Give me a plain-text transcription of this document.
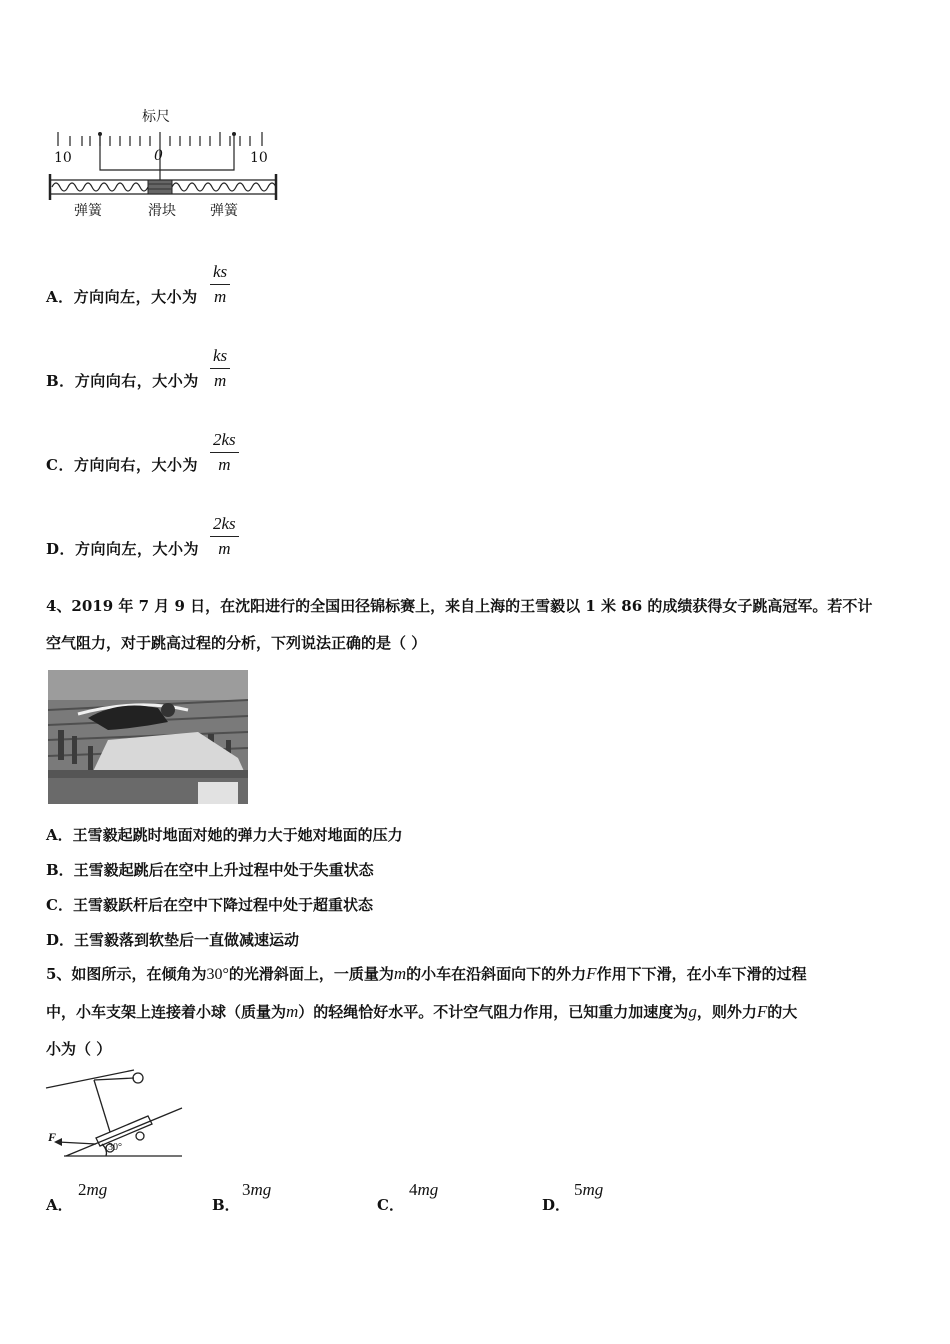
标尺
10	0	10
弹簧	滑块 弹簧
A．方向向左，大小为 $\frac{ks}{m}$
B．方向向右，大小为 $\frac{ks}{m}$
C．方向向右，大小为 $\frac{2ks}{m}$
D．方向向左，大小为 $\frac{2ks}{m}$
4、2019 年 7 月 9 日，在沈阳进行的全国田径锦标赛上，来自上海的王雪毅以 1 米 86 的成绩获得女子跳高冠军。若不计
空气阻力，对于跳高过程的分析，下列说法正确的是（ ）
A．王雪毅起跳时地面对她的弹力大于她对地面的压力
B．王雪毅起跳后在空中上升过程中处于失重状态
C．王雪毅跃杆后在空中下降过程中处于超重状态
D．王雪毅落到软垫后一直做减速运动
5、如图所示，在倾角为30°的光滑斜面上，一质量为m的小车在沿斜面向下的外力F作用下下滑，在小车下滑的过程
中，小车支架上连接着小球（质量为m）的轻绳恰好水平。不计空气阻力作用，已知重力加速度为g，则外力F的大
小为（ ）
F
30°
A．
2mg
B．
3mg
C．
4mg
D．
5mg
